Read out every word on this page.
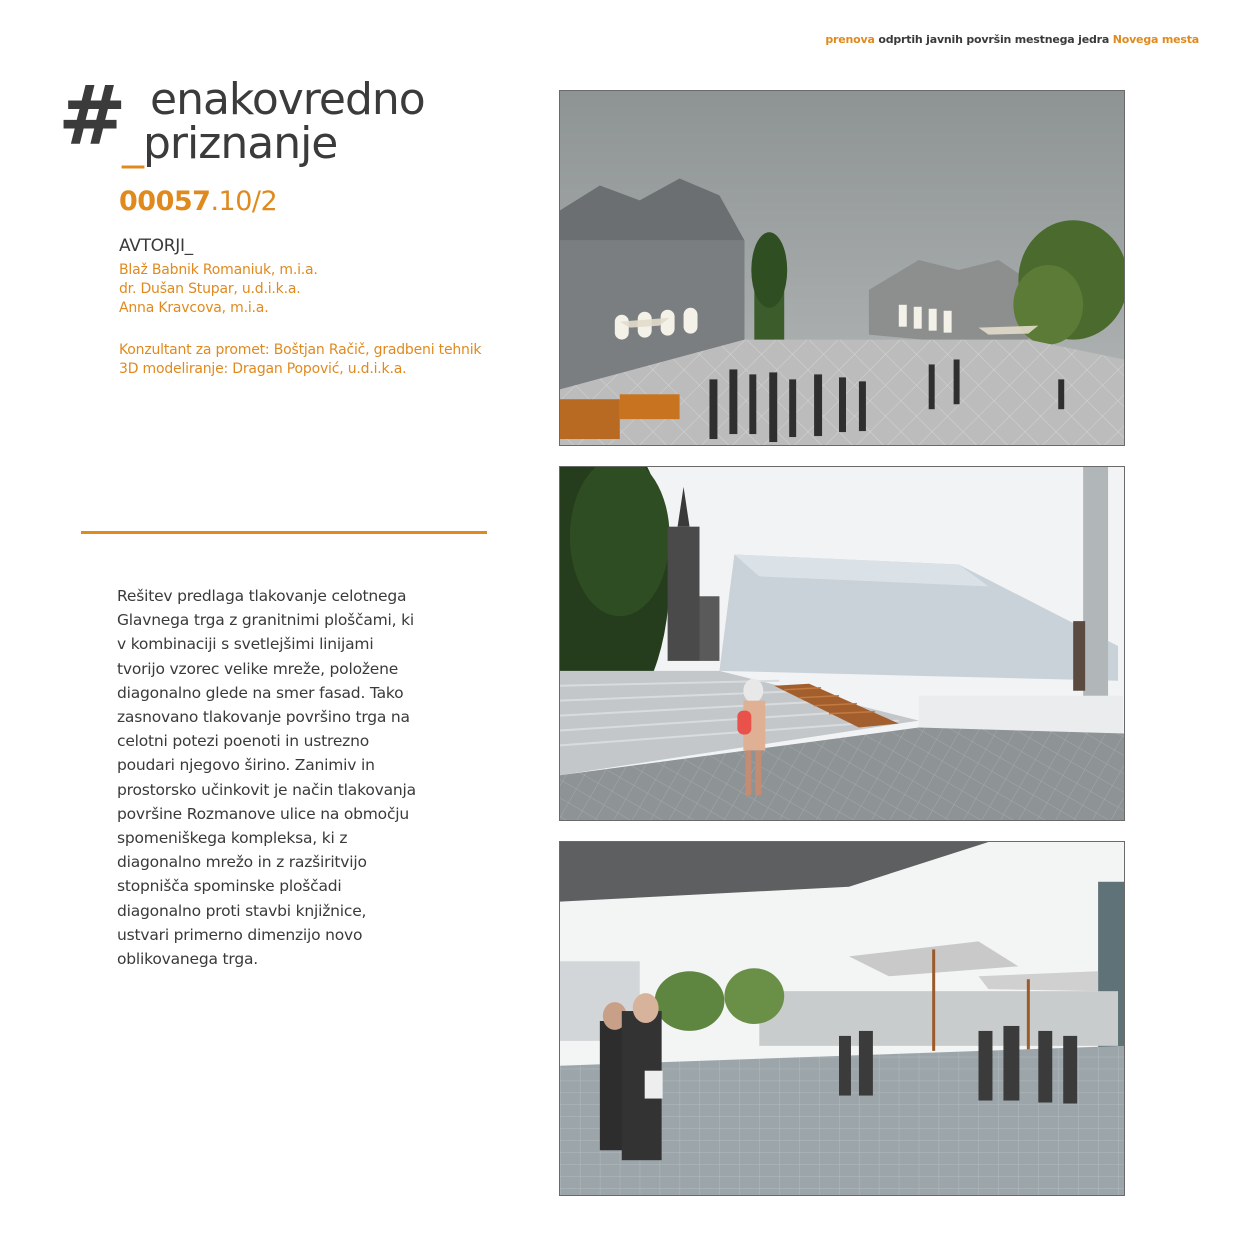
prenova odprtih javnih površin mestnega jedra Novega mesta
# enakovredno
_priznanje
00057.10/2
AVTORJI_
Blaž Babnik Romaniuk, m.i.a.
dr. Dušan Stupar, u.d.i.k.a.
Anna Kravcova, m.i.a.
Konzultant za promet: Boštjan Račič, gradbeni tehnik
3D modeliranje: Dragan Popović, u.d.i.k.a.
Rešitev predlaga tlakovanje celotnega
Glavnega trga z granitnimi ploščami, ki
v kombinaciji s svetlejšimi linijami
tvorijo vzorec velike mreže, položene
diagonalno glede na smer fasad. Tako
zasnovano tlakovanje površino trga na
celotni potezi poenoti in ustrezno
poudari njegovo širino. Zanimiv in
prostorsko učinkovit je način tlakovanja
površine Rozmanove ulice na območju
spomeniškega kompleksa, ki z
diagonalno mrežo in z razširitvijo
stopnišča spominske ploščadi
diagonalno proti stavbi knjižnice,
ustvari primerno dimenzijo novo
oblikovanega trga.
